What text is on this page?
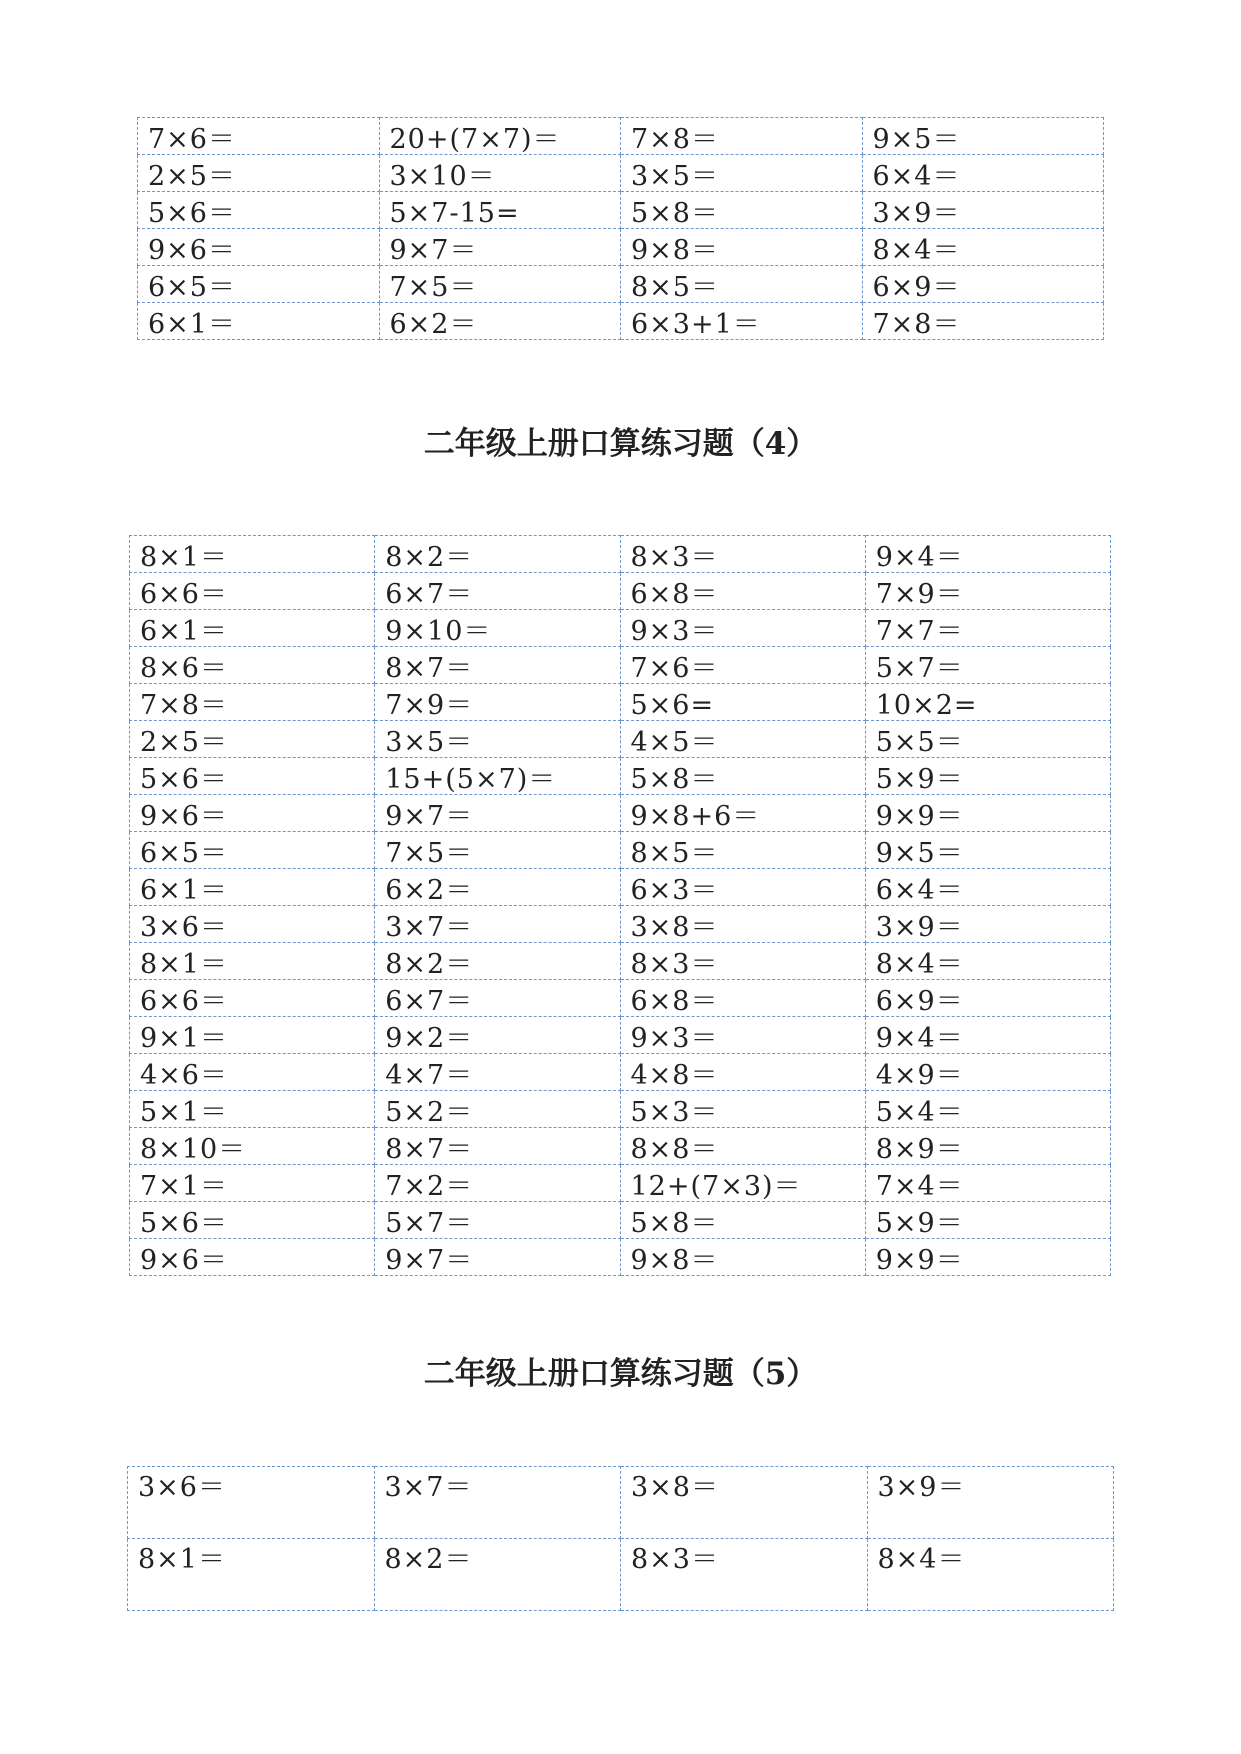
7×6＝	20+(7×7)＝	7×8＝	9×5＝
2×5＝	3×10＝	3×5＝	6×4＝
5×6＝	5×7-15=	5×8＝	3×9＝
9×6＝	9×7＝	9×8＝	8×4＝
6×5＝	7×5＝	8×5＝	6×9＝
6×1＝	6×2＝	6×3+1＝	7×8＝
二年级上册口算练习题（4）
8×1＝	8×2＝	8×3＝	9×4＝
6×6＝	6×7＝	6×8＝	7×9＝
6×1＝	9×10＝	9×3＝	7×7＝
8×6＝	8×7＝	7×6＝	5×7＝
7×8＝	7×9＝	5×6=	10×2=
2×5＝	3×5＝	4×5＝	5×5＝
5×6＝	15+(5×7)＝	5×8＝	5×9＝
9×6＝	9×7＝	9×8+6＝	9×9＝
6×5＝	7×5＝	8×5＝	9×5＝
6×1＝	6×2＝	6×3＝	6×4＝
3×6＝	3×7＝	3×8＝	3×9＝
8×1＝	8×2＝	8×3＝	8×4＝
6×6＝	6×7＝	6×8＝	6×9＝
9×1＝	9×2＝	9×3＝	9×4＝
4×6＝	4×7＝	4×8＝	4×9＝
5×1＝	5×2＝	5×3＝	5×4＝
8×10＝	8×7＝	8×8＝	8×9＝
7×1＝	7×2＝	12+(7×3)＝	7×4＝
5×6＝	5×7＝	5×8＝	5×9＝
9×6＝	9×7＝	9×8＝	9×9＝
二年级上册口算练习题（5）
3×6＝	3×7＝	3×8＝	3×9＝
8×1＝	8×2＝	8×3＝	8×4＝
